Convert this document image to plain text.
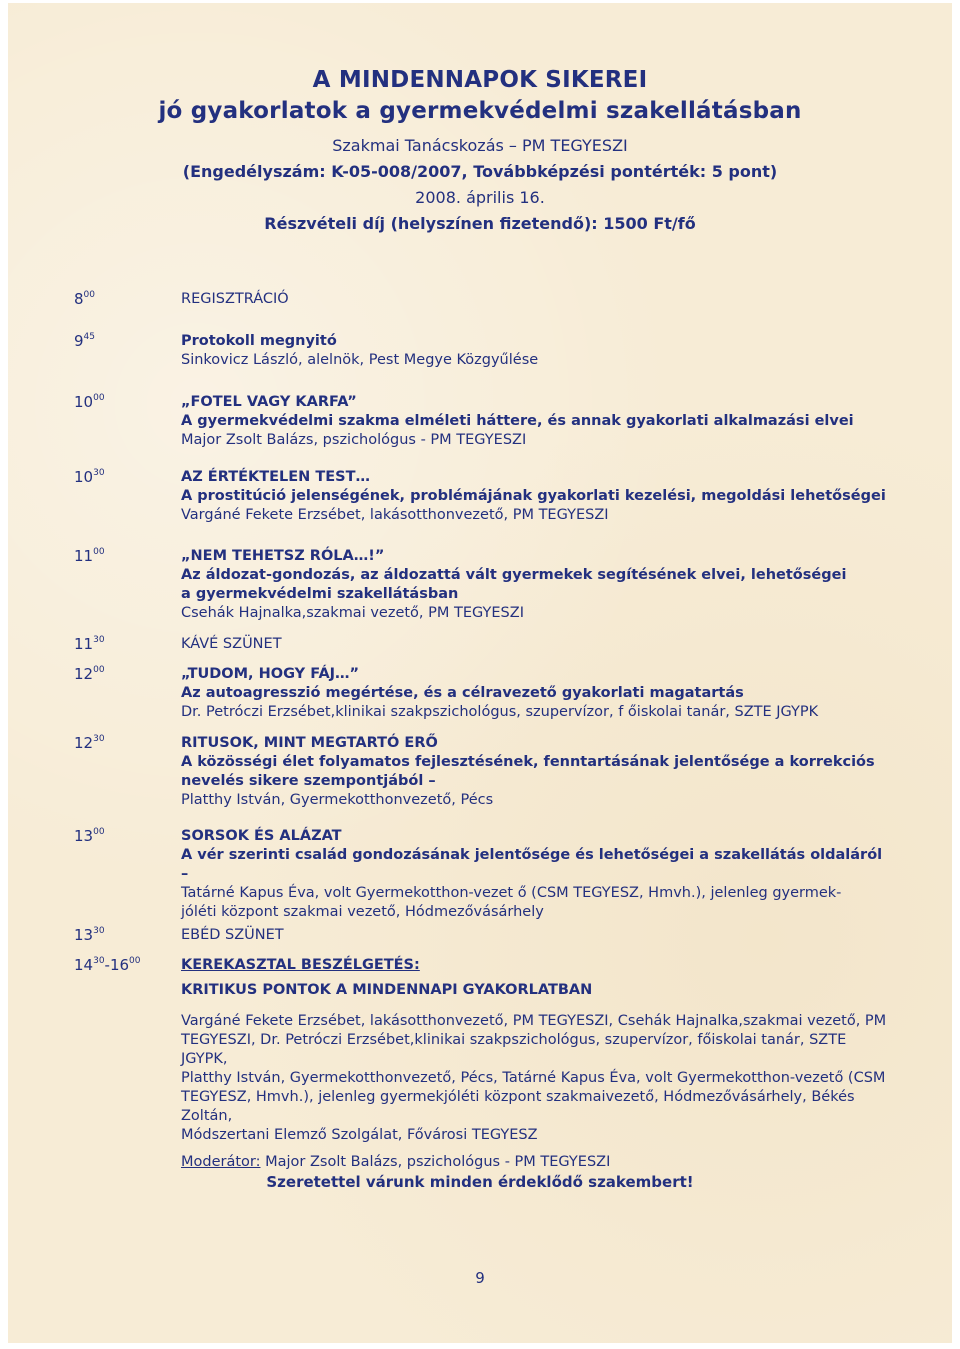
A MINDENNAPOK SIKEREI
jó gyakorlatok a gyermekvédelmi szakellátásban
Szakmai Tanácskozás – PM TEGYESZI
(Engedélyszám: K-05-008/2007, Továbbképzési pontérték: 5 pont)
2008. április 16.
Részvételi díj (helyszínen fizetendő): 1500 Ft/fő
$8^{00}$	REGISZTRÁCIÓ
$9^{45}$	Protokoll megnyitó
Sinkovicz László, alelnök, Pest Megye Közgyűlése
$10^{00}$	„FOTEL VAGY KARFA”
A gyermekvédelmi szakma elméleti háttere, és annak gyakorlati alkalmazási elvei
Major Zsolt Balázs, pszichológus - PM TEGYESZI
$10^{30}$	AZ ÉRTÉKTELEN TEST…
A prostitúció jelenségének, problémájának gyakorlati kezelési, megoldási lehetőségei
Vargáné Fekete Erzsébet, lakásotthonvezető, PM TEGYESZI
$11^{00}$	„NEM TEHETSZ RÓLA…!”
Az áldozat-gondozás, az áldozattá vált gyermekek segítésének elvei, lehetőségei
a gyermekvédelmi szakellátásban
Csehák Hajnalka,szakmai vezető, PM TEGYESZI
$11^{30}$	KÁVÉ SZÜNET
$12^{00}$	„TUDOM, HOGY FÁJ…”
Az autoagresszió megértése, és a célravezető gyakorlati magatartás
Dr. Petróczi Erzsébet,klinikai szakpszichológus, szupervízor, f őiskolai tanár, SZTE JGYPK
$12^{30}$	RITUSOK, MINT MEGTARTÓ ERŐ
A közösségi élet folyamatos fejlesztésének, fenntartásának jelentősége a korrekciós
nevelés sikere szempontjából –
Platthy István, Gyermekotthonvezető, Pécs
$13^{00}$	SORSOK ÉS ALÁZAT
A vér szerinti család gondozásának jelentősége és lehetőségei a szakellátás oldaláról –
Tatárné Kapus Éva, volt Gyermekotthon-vezet ő (CSM TEGYESZ, Hmvh.), jelenleg gyermek-
jóléti központ szakmai vezető, Hódmezővásárhely
$13^{30}$	EBÉD SZÜNET
$14^{30}-16^{00}$	KEREKASZTAL BESZÉLGETÉS:
KRITIKUS PONTOK A MINDENNAPI GYAKORLATBAN
Vargáné Fekete Erzsébet, lakásotthonvezető, PM TEGYESZI, Csehák Hajnalka,szakmai vezető, PM
TEGYESZI, Dr. Petróczi Erzsébet,klinikai szakpszichológus, szupervízor, főiskolai tanár, SZTE JGYPK,
Platthy István, Gyermekotthonvezető, Pécs, Tatárné Kapus Éva, volt Gyermekotthon-vezető (CSM
TEGYESZ, Hmvh.), jelenleg gyermekjóléti központ szakmaivezető, Hódmezővásárhely, Békés Zoltán,
Módszertani Elemző Szolgálat, Fővárosi TEGYESZ
Moderátor: Major Zsolt Balázs, pszichológus - PM TEGYESZI
Szeretettel várunk minden érdeklődő szakembert!
9
